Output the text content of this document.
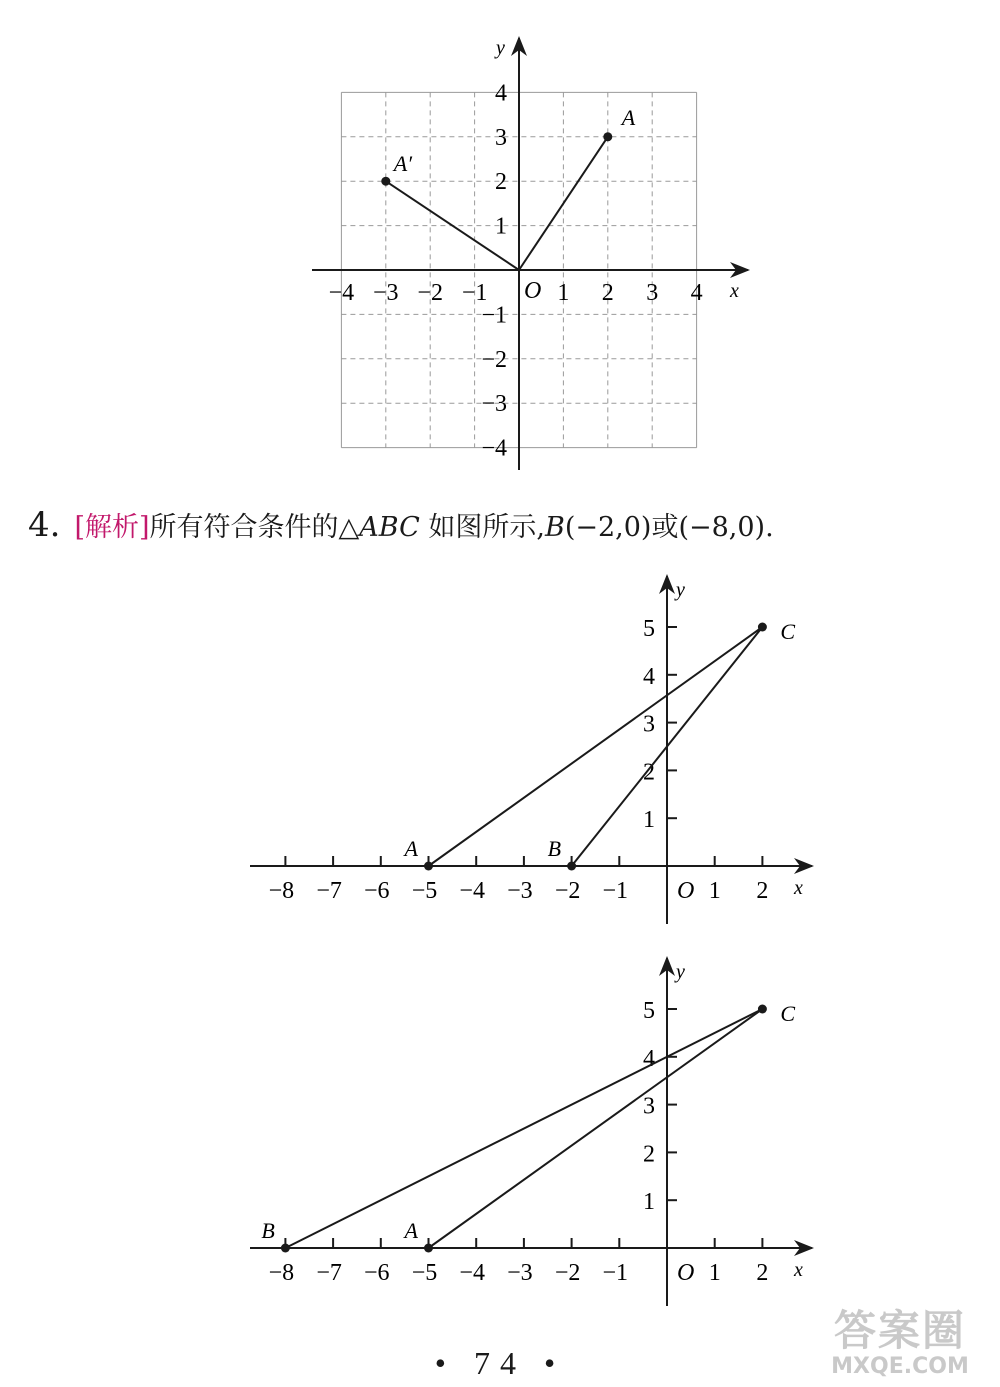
x
y
O
−4 −3 −2 −1	1 2 3 4
4
3
2
1
−1
−2
−3
−4
A
A′
x
y
O
−8 −7 −6 −5 −4 −3 −2 −1	1 2
1
2
3
4
5
A	B
C
x
y
O
−8 −7 −6 −5 −4 −3 −2 −1	1 2
1
2
3
4
5
B	A
C
4. [解析]所有符合条件的△ABC 如图所示,B(−2,0)或(−8,0).
• 74 •
答案圈
MXQE.COM
